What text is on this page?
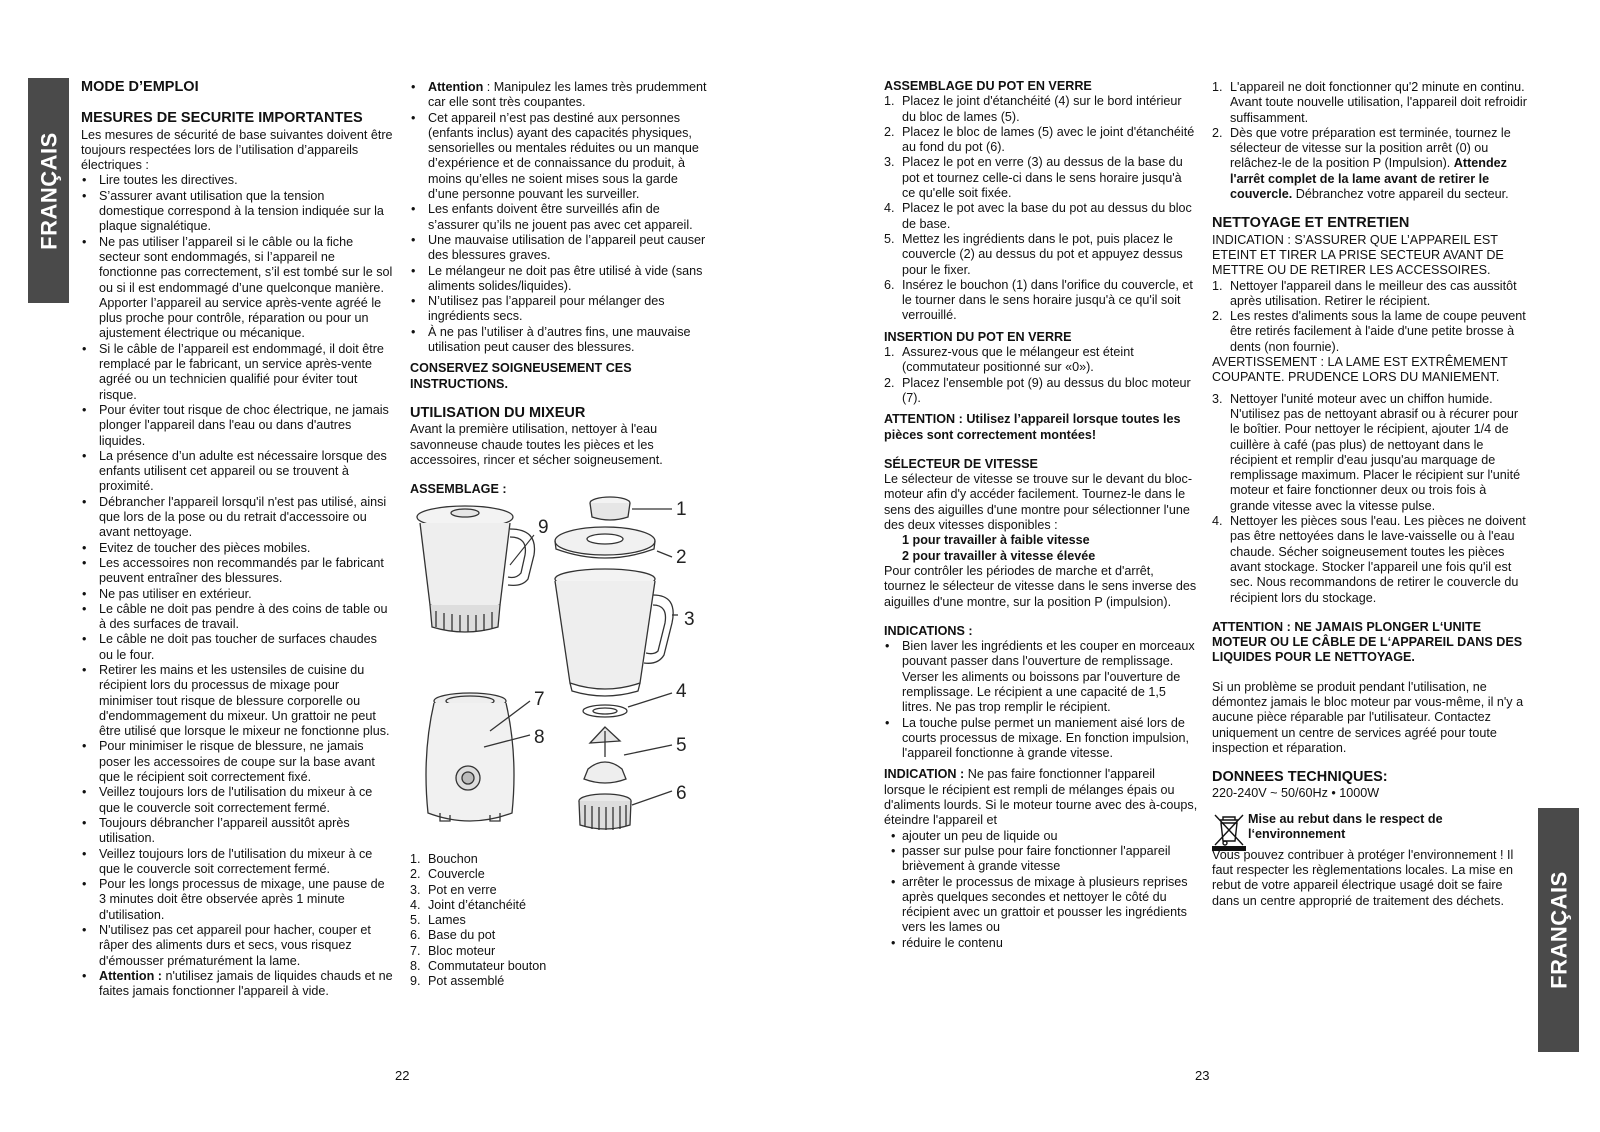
FRANÇAIS
FRANÇAIS
MODE D’EMPLOI
MESURES DE SECURITE IMPORTANTES

Les mesures de sécurité de base suivantes doivent être toujours respectées lors de l’utilisation d’appareils électriques :

• Lire toutes les directives.
• S’assurer avant utilisation que la tension domestique correspond à la tension indiquée sur la plaque signalétique.
• Ne pas utiliser l’appareil si le câble ou la fiche secteur sont endommagés, si l’appareil ne fonctionne pas correctement, s’il est tombé sur le sol ou si il est endommagé d’une quelconque manière. Apporter l’appareil au service après-vente agréé le plus proche pour contrôle, réparation ou pour un ajustement électrique ou mécanique.
• Si le câble de l’appareil est endommagé, il doit être remplacé par le fabricant, un service après-vente agréé ou un technicien qualifié pour éviter tout risque.
• Pour éviter tout risque de choc électrique, ne jamais plonger l'appareil dans l'eau ou dans d'autres liquides.
• La présence d’un adulte est nécessaire lorsque des enfants utilisent cet appareil ou se trouvent à proximité.
• Débrancher l'appareil lorsqu'il n'est pas utilisé, ainsi que lors de la pose ou du retrait d'accessoire ou avant nettoyage.
• Evitez de toucher des pièces mobiles.
• Les accessoires non recommandés par le fabricant peuvent entraîner des blessures.
• Ne pas utiliser en extérieur.
• Le câble ne doit pas pendre à des coins de table ou à des surfaces de travail.
• Le câble ne doit pas toucher de surfaces chaudes ou le four.
• Retirer les mains et les ustensiles de cuisine du récipient lors du processus de mixage pour minimiser tout risque de blessure corporelle ou d'endommagement du mixeur. Un grattoir ne peut être utilisé que lorsque le mixeur ne fonctionne plus.
• Pour minimiser le risque de blessure, ne jamais poser les accessoires de coupe sur la base avant que le récipient soit correctement fixé.
• Veillez toujours lors de l'utilisation du mixeur à ce que le couvercle soit correctement fermé.
• Toujours débrancher l’appareil aussitôt après utilisation.
• Veillez toujours lors de l'utilisation du mixeur à ce que le couvercle soit correctement fermé.
• Pour les longs processus de mixage, une pause de 3 minutes doit être observée après 1 minute d'utilisation.
• N'utilisez pas cet appareil pour hacher, couper et râper des aliments durs et secs, vous risquez d'émousser prématurément la lame.
• Attention : n'utilisez jamais de liquides chauds et ne faites jamais fonctionner l'appareil à vide.
• Attention : Manipulez les lames très prudemment car elle sont très coupantes.
• Cet appareil n’est pas destiné aux personnes (enfants inclus) ayant des capacités physiques, sensorielles ou mentales réduites ou un manque d’expérience et de connaissance du produit, à moins qu’elles ne soient mises sous la garde d’une personne pouvant les surveiller.
• Les enfants doivent être surveillés afin de s’assurer qu’ils ne jouent pas avec cet appareil.
• Une mauvaise utilisation de l’appareil peut causer des blessures graves.
• Le mélangeur ne doit pas être utilisé à vide (sans aliments solides/liquides).
• N’utilisez pas l’appareil pour mélanger des ingrédients secs.
• À ne pas l’utiliser à d’autres fins, une mauvaise utilisation peut causer des blessures.
CONSERVEZ SOIGNEUSEMENT CES INSTRUCTIONS.
UTILISATION DU MIXEUR

Avant la première utilisation, nettoyer à l'eau savonneuse chaude toutes les pièces et les accessoires, rincer et sécher soigneusement.

ASSEMBLAGE :
1
2
3
4
5
6
7
8
9
1. Bouchon
2. Couvercle
3. Pot en verre
4. Joint d’étanchéité
5. Lames
6. Base du pot
7. Bloc moteur
8. Commutateur bouton
9. Pot assemblé
22
ASSEMBLAGE DU POT EN VERRE
1. Placez le joint d'étanchéité (4) sur le bord intérieur du bloc de lames (5).
2. Placez le bloc de lames (5) avec le joint d'étanchéité au fond du pot (6).
3. Placez le pot en verre (3) au dessus de la base du pot et tournez celle-ci dans le sens horaire jusqu'à ce qu'elle soit fixée.
4. Placez le pot avec la base du pot au dessus du bloc de base.
5. Mettez les ingrédients dans le pot, puis placez le couvercle (2) au dessus du pot et appuyez dessus pour le fixer.
6. Insérez le bouchon (1) dans l'orifice du couvercle, et le tourner dans le sens horaire jusqu'à ce qu'il soit verrouillé.
INSERTION DU POT EN VERRE
1. Assurez-vous que le mélangeur est éteint (commutateur positionné sur «0»).
2. Placez l'ensemble pot (9) au dessus du bloc moteur (7).
ATTENTION : Utilisez l’appareil lorsque toutes les pièces sont correctement montées!
SÉLECTEUR DE VITESSE

Le sélecteur de vitesse se trouve sur le devant du bloc-moteur afin d'y accéder facilement. Tournez-le dans le sens des aiguilles d'une montre pour sélectionner l'une des deux vitesses disponibles :

1 pour travailler à faible vitesse
2 pour travailler à vitesse élevée

Pour contrôler les périodes de marche et d'arrêt, tournez le sélecteur de vitesse dans le sens inverse des aiguilles d'une montre, sur la position P (impulsion).

INDICATIONS :
• Bien laver les ingrédients et les couper en morceaux pouvant passer dans l'ouverture de remplissage. Verser les aliments ou boissons par l'ouverture de remplissage. Le récipient a une capacité de 1,5 litres. Ne pas trop remplir le récipient.
• La touche pulse permet un maniement aisé lors de courts processus de mixage. En fonction impulsion, l'appareil fonctionne à grande vitesse.

INDICATION : Ne pas faire fonctionner l'appareil lorsque le récipient est rempli de mélanges épais ou d'aliments lourds. Si le moteur tourne avec des à-coups, éteindre l'appareil et

• ajouter un peu de liquide ou
• passer sur pulse pour faire fonctionner l'appareil brièvement à grande vitesse
• arrêter le processus de mixage à plusieurs reprises après quelques secondes et nettoyer le côté du récipient avec un grattoir et pousser les ingrédients vers les lames ou
• réduire le contenu
1. L'appareil ne doit fonctionner qu'2 minute en continu. Avant toute nouvelle utilisation, l'appareil doit refroidir suffisamment.
2. Dès que votre préparation est terminée, tournez le sélecteur de vitesse sur la position arrêt (0) ou relâchez-le de la position P (Impulsion). Attendez l'arrêt complet de la lame avant de retirer le couvercle. Débranchez votre appareil du secteur.
NETTOYAGE ET ENTRETIEN

INDICATION : S’ASSURER QUE L’APPAREIL EST ETEINT ET TIRER LA PRISE SECTEUR AVANT DE METTRE OU DE RETIRER LES ACCESSOIRES.

1. Nettoyer l'appareil dans le meilleur des cas aussitôt après utilisation. Retirer le récipient.
2. Les restes d'aliments sous la lame de coupe peuvent être retirés facilement à l'aide d'une petite brosse à dents (non fournie).

AVERTISSEMENT : LA LAME EST EXTRÊMEMENT COUPANTE. PRUDENCE LORS DU MANIEMENT.

3. Nettoyer l'unité moteur avec un chiffon humide. N'utilisez pas de nettoyant abrasif ou à récurer pour le boîtier. Pour nettoyer le récipient, ajouter 1/4 de cuillère à café (pas plus) de nettoyant dans le récipient et remplir d'eau jusqu'au marquage de remplissage maximum. Placer le récipient sur l'unité moteur et faire fonctionner deux ou trois fois à grande vitesse avec la vitesse pulse.
4. Nettoyer les pièces sous l'eau. Les pièces ne doivent pas être nettoyées dans le lave-vaisselle ou à l'eau chaude. Sécher soigneusement toutes les pièces avant stockage. Stocker l'appareil une fois qu'il est sec. Nous recommandons de retirer le couvercle du récipient lors du stockage.
ATTENTION : NE JAMAIS PLONGER L‘UNITE MOTEUR OU LE CÂBLE DE L‘APPAREIL DANS DES LIQUIDES POUR LE NETTOYAGE.

Si un problème se produit pendant l'utilisation, ne démontez jamais le bloc moteur par vous-même, il n'y a aucune pièce réparable par l'utilisateur. Contactez uniquement un centre de services agréé pour toute inspection et réparation.

DONNEES TECHNIQUES:

220-240V ~ 50/60Hz • 1000W

Mise au rebut dans le respect de l‘environnement

Vous pouvez contribuer à protéger l'environnement ! Il faut respecter les règlementations locales. La mise en rebut de votre appareil électrique usagé doit se faire dans un centre approprié de traitement des déchets.

23
